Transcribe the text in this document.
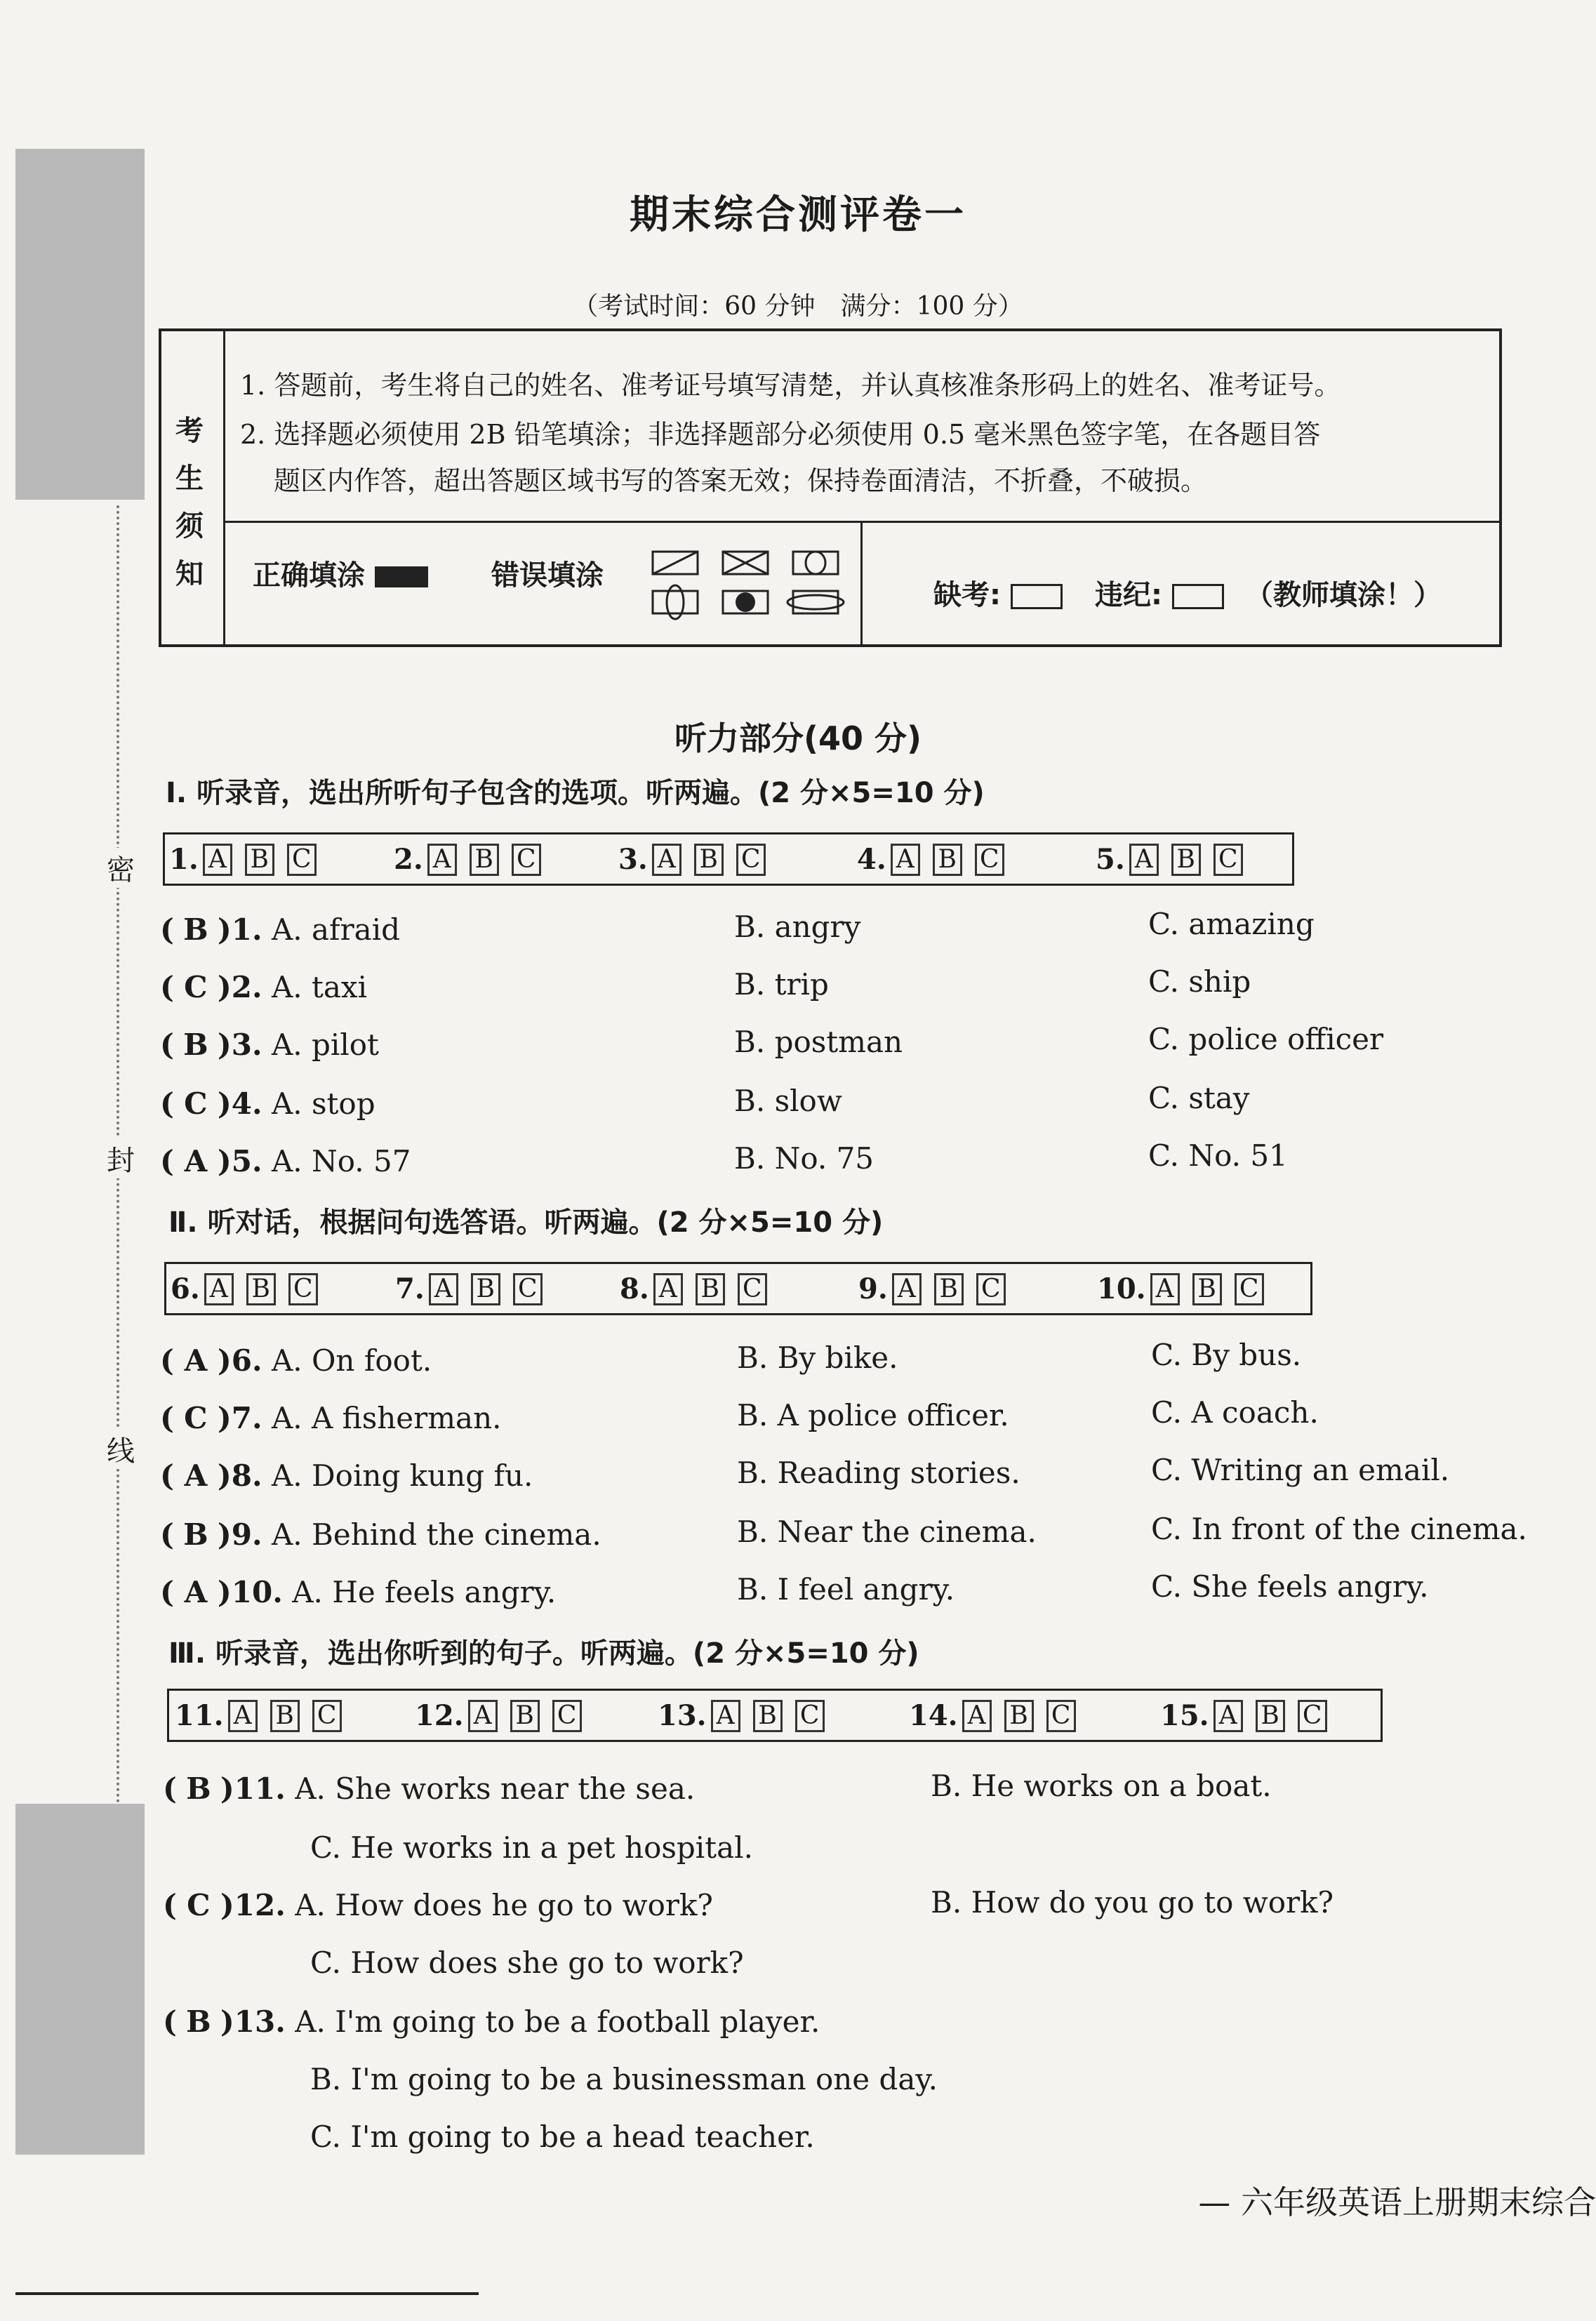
密
封
线
期末综合测评卷一
（考试时间：60 分钟　满分：100 分）
考
生
须
知
1. 答题前，考生将自己的姓名、准考证号填写清楚，并认真核准条形码上的姓名、准考证号。
2. 选择题必须使用 2B 铅笔填涂；非选择题部分必须使用 0.5 毫米黑色签字笔，在各题目答
题区内作答，超出答题区域书写的答案无效；保持卷面清洁，不折叠，不破损。
正确填涂	错误填涂
缺考:	违纪:	（教师填涂！）
听力部分(40 分)
Ⅰ. 听录音，选出所听句子包含的选项。听两遍。(2 分×5=10 分)
1. A B C	2. A B C	3. A B C	4. A B C	5. A B C
( B )1. A. afraid	B. angry	C. amazing
( C )2. A. taxi	B. trip	C. ship
( B )3. A. pilot	B. postman	C. police officer
( C )4. A. stop	B. slow	C. stay
( A )5. A. No. 57	B. No. 75	C. No. 51
Ⅱ. 听对话，根据问句选答语。听两遍。(2 分×5=10 分)
6. A B C	7. A B C	8. A B C	9. A B C	10. A B C
( A )6. A. On foot.	B. By bike.	C. By bus.
( C )7. A. A fisherman.	B. A police officer.	C. A coach.
( A )8. A. Doing kung fu.	B. Reading stories.	C. Writing an email.
( B )9. A. Behind the cinema.	B. Near the cinema.	C. In front of the cinema.
( A )10. A. He feels angry.	B. I feel angry.	C. She feels angry.
Ⅲ. 听录音，选出你听到的句子。听两遍。(2 分×5=10 分)
11. A B C	12. A B C	13. A B C	14. A B C	15. A B C
( B )11. A. She works near the sea.	B. He works on a boat.
C. He works in a pet hospital.
( C )12. A. How does he go to work?	B. How do you go to work?
C. How does she go to work?
( B )13. A. I'm going to be a football player.
B. I'm going to be a businessman one day.
C. I'm going to be a head teacher.
— 六年级英语上册期末综合
